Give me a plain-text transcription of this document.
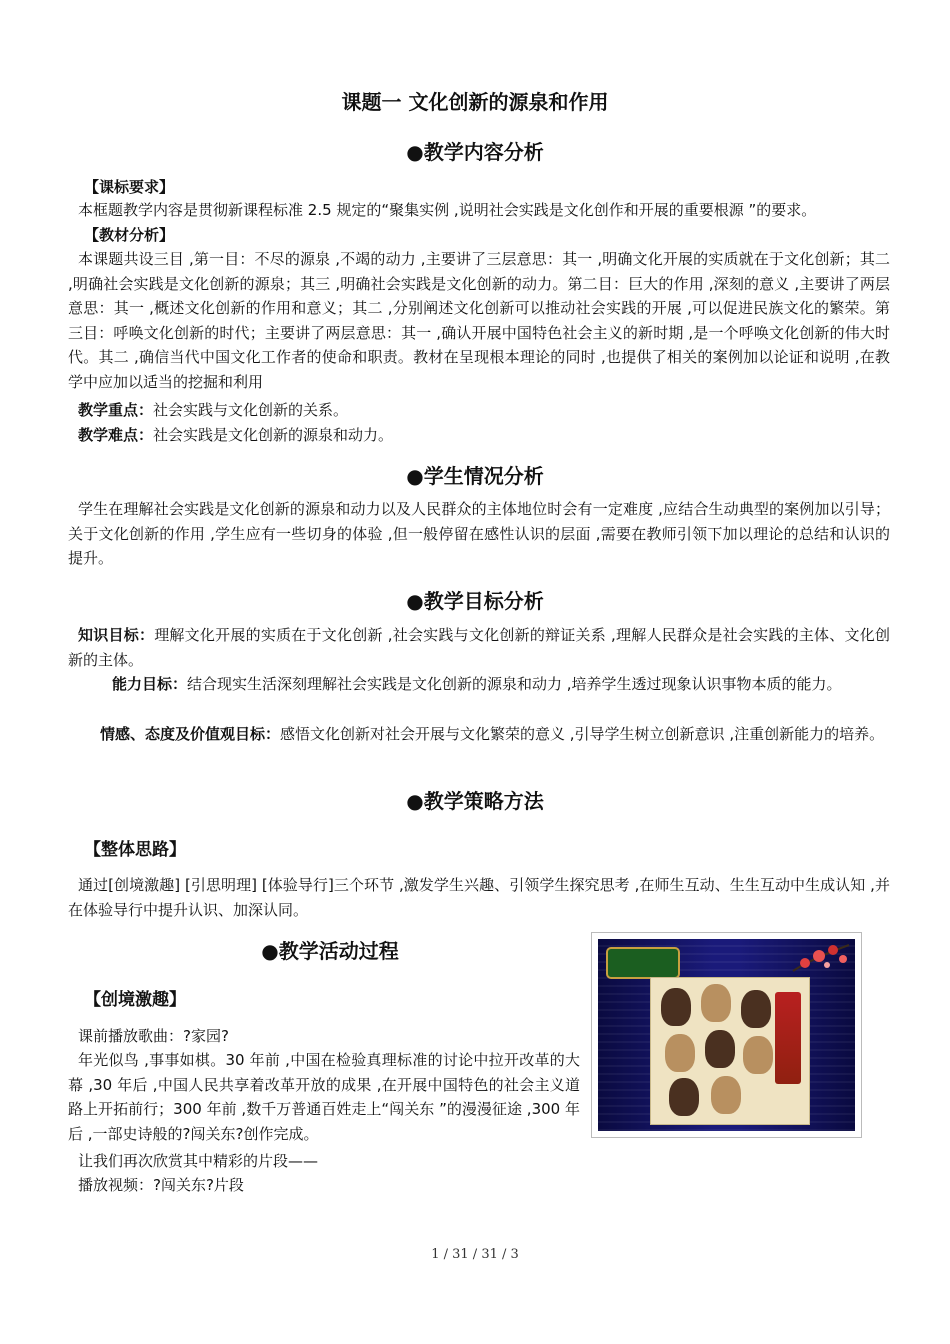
课题一 文化创新的源泉和作用
●教学内容分析
【课标要求】
本框题教学内容是贯彻新课程标准 2.5 规定的“聚集实例 ,说明社会实践是文化创作和开展的重要根源 ”的要求。
【教材分析】
本课题共设三目 ,第一目：不尽的源泉 ,不竭的动力 ,主要讲了三层意思：其一 ,明确文化开展的实质就在于文化创新；其二 ,明确社会实践是文化创新的源泉；其三 ,明确社会实践是文化创新的动力。第二目：巨大的作用 ,深刻的意义 ,主要讲了两层意思：其一 ,概述文化创新的作用和意义；其二 ,分别阐述文化创新可以推动社会实践的开展 ,可以促进民族文化的繁荣。第三目：呼唤文化创新的时代；主要讲了两层意思：其一 ,确认开展中国特色社会主义的新时期 ,是一个呼唤文化创新的伟大时代。其二 ,确信当代中国文化工作者的使命和职责。教材在呈现根本理论的同时 ,也提供了相关的案例加以论证和说明 ,在教学中应加以适当的挖掘和利用
教学重点：社会实践与文化创新的关系。
教学难点：社会实践是文化创新的源泉和动力。
●学生情况分析
学生在理解社会实践是文化创新的源泉和动力以及人民群众的主体地位时会有一定难度 ,应结合生动典型的案例加以引导；关于文化创新的作用 ,学生应有一些切身的体验 ,但一般停留在感性认识的层面 ,需要在教师引领下加以理论的总结和认识的提升。
●教学目标分析
知识目标：理解文化开展的实质在于文化创新 ,社会实践与文化创新的辩证关系 ,理解人民群众是社会实践的主体、文化创新的主体。
能力目标：结合现实生活深刻理解社会实践是文化创新的源泉和动力 ,培养学生透过现象认识事物本质的能力。
情感、态度及价值观目标：感悟文化创新对社会开展与文化繁荣的意义 ,引导学生树立创新意识 ,注重创新能力的培养。
●教学策略方法
【整体思路】
通过[创境激趣] [引思明理] [体验导行]三个环节 ,激发学生兴趣、引领学生探究思考 ,在师生互动、生生互动中生成认知 ,并在体验导行中提升认识、加深认同。
●教学活动过程
【创境激趣】
课前播放歌曲：?家园?
年光似鸟 ,事事如棋。30 年前 ,中国在检验真理标准的讨论中拉开改革的大幕 ,30 年后 ,中国人民共享着改革开放的成果 ,在开展中国特色的社会主义道路上开拓前行；300 年前 ,数千万普通百姓走上“闯关东 ”的漫漫征途 ,300 年后 ,一部史诗般的?闯关东?创作完成。
让我们再次欣赏其中精彩的片段——
播放视频：?闯关东?片段
1 / 31 / 31 / 3
